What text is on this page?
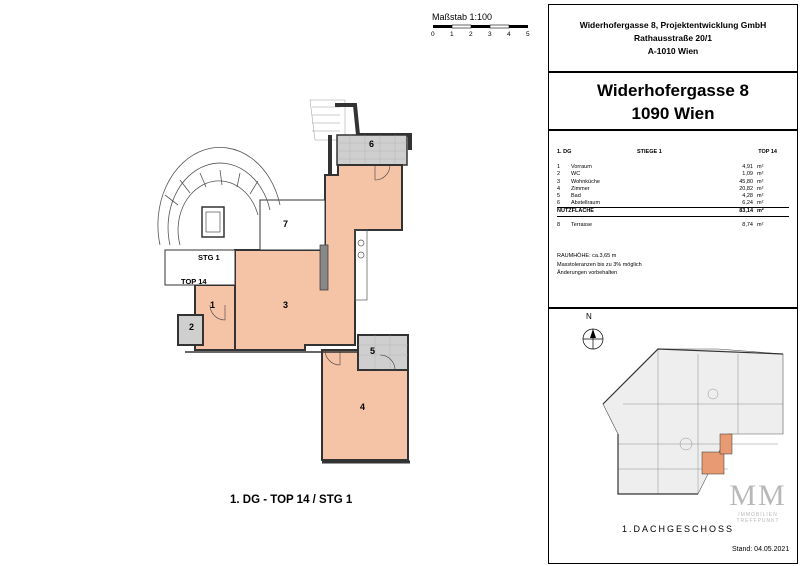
Maßstab 1:100
0 1 2 3 4 5
6
7
3
1
2
5
4
STG 1
TOP 14
1. DG - TOP 14 / STG 1
Widerhofergasse 8, Projektentwicklung GmbH
Rathausstraße 20/1
A-1010 Wien
Widerhofergasse 8
1090 Wien
1. DG	STIEGE 1	TOP 14
1	Vorraum	4,91 m²
2	WC	1,09 m²
3	Wohnküche	45,80 m²
4	Zimmer	20,82 m²
5	Bad	4,28 m²
6	Abstellraum	6,24 m²
NUTZFLÄCHE	83,14 m²
8	Terrasse	8,74 m²
RAUMHÖHE: ca.3,65 m
Masstoleranzen bis zu 3% möglich
Änderungen vorbehalten
N
MM
IMMOBILIEN
TREFFPUNKT
1.DACHGESCHOSS
Stand: 04.05.2021
